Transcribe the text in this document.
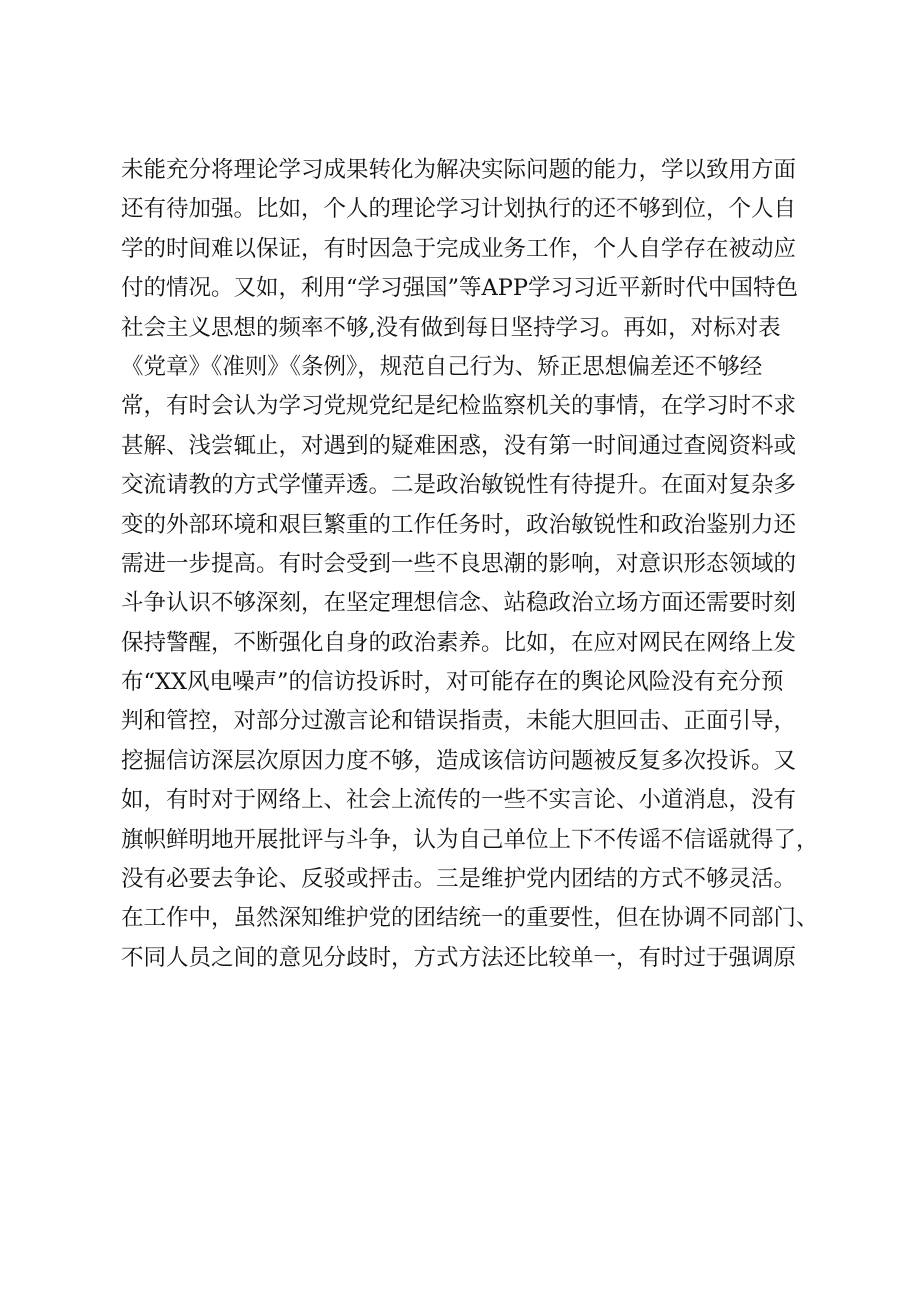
未能充分将理论学习成果转化为解决实际问题的能力，学以致用方面
还有待加强。比如，个人的理论学习计划执行的还不够到位，个人自
学的时间难以保证，有时因急于完成业务工作，个人自学存在被动应
付的情况。又如，利用“学习强国”等APP学习习近平新时代中国特色
社会主义思想的频率不够,没有做到每日坚持学习。再如，对标对表
《党章》《准则》《条例》，规范自己行为、矫正思想偏差还不够经
常，有时会认为学习党规党纪是纪检监察机关的事情，在学习时不求
甚解、浅尝辄止，对遇到的疑难困惑，没有第一时间通过查阅资料或
交流请教的方式学懂弄透。二是政治敏锐性有待提升。在面对复杂多
变的外部环境和艰巨繁重的工作任务时，政治敏锐性和政治鉴别力还
需进一步提高。有时会受到一些不良思潮的影响，对意识形态领域的
斗争认识不够深刻，在坚定理想信念、站稳政治立场方面还需要时刻
保持警醒，不断强化自身的政治素养。比如，在应对网民在网络上发
布“XX风电噪声”的信访投诉时，对可能存在的舆论风险没有充分预
判和管控，对部分过激言论和错误指责，未能大胆回击、正面引导，
挖掘信访深层次原因力度不够，造成该信访问题被反复多次投诉。又
如，有时对于网络上、社会上流传的一些不实言论、小道消息，没有
旗帜鲜明地开展批评与斗争，认为自己单位上下不传谣不信谣就得了，
没有必要去争论、反驳或抨击。三是维护党内团结的方式不够灵活。
在工作中，虽然深知维护党的团结统一的重要性，但在协调不同部门、
不同人员之间的意见分歧时，方式方法还比较单一，有时过于强调原
